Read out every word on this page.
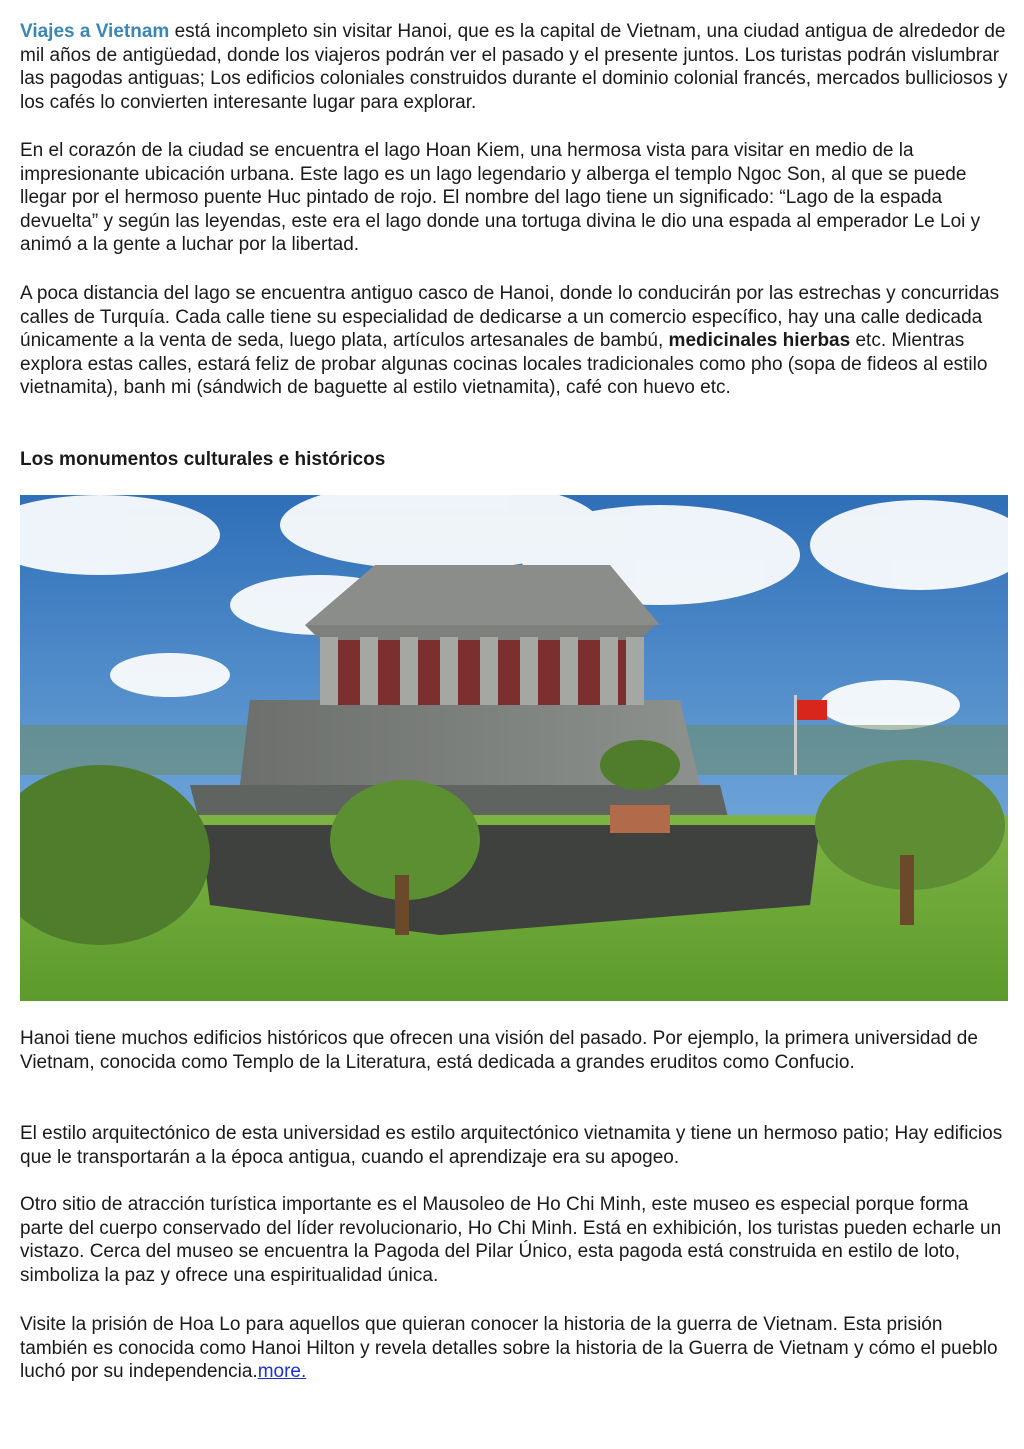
Viajes a Vietnam está incompleto sin visitar Hanoi, que es la capital de Vietnam, una ciudad antigua de alrededor de mil años de antigüedad, donde los viajeros podrán ver el pasado y el presente juntos. Los turistas podrán vislumbrar las pagodas antiguas; Los edificios coloniales construidos durante el dominio colonial francés, mercados bulliciosos y los cafés lo convierten interesante lugar para explorar.

En el corazón de la ciudad se encuentra el lago Hoan Kiem, una hermosa vista para visitar en medio de la impresionante ubicación urbana. Este lago es un lago legendario y alberga el templo Ngoc Son, al que se puede llegar por el hermoso puente Huc pintado de rojo. El nombre del lago tiene un significado: “Lago de la espada devuelta” y según las leyendas, este era el lago donde una tortuga divina le dio una espada al emperador Le Loi y animó a la gente a luchar por la libertad.

A poca distancia del lago se encuentra antiguo casco de Hanoi, donde lo conducirán por las estrechas y concurridas calles de Turquía. Cada calle tiene su especialidad de dedicarse a un comercio específico, hay una calle dedicada únicamente a la venta de seda, luego plata, artículos artesanales de bambú, medicinales hierbas etc. Mientras explora estas calles, estará feliz de probar algunas cocinas locales tradicionales como pho (sopa de fideos al estilo vietnamita), banh mi (sándwich de baguette al estilo vietnamita), café con huevo etc.

Los monumentos culturales e históricos

Hanoi tiene muchos edificios históricos que ofrecen una visión del pasado. Por ejemplo, la primera universidad de Vietnam, conocida como Templo de la Literatura, está dedicada a grandes eruditos como Confucio.

El estilo arquitectónico de esta universidad es estilo arquitectónico vietnamita y tiene un hermoso patio; Hay edificios que le transportarán a la época antigua, cuando el aprendizaje era su apogeo.

Otro sitio de atracción turística importante es el Mausoleo de Ho Chi Minh, este museo es especial porque forma parte del cuerpo conservado del líder revolucionario, Ho Chi Minh. Está en exhibición, los turistas pueden echarle un vistazo. Cerca del museo se encuentra la Pagoda del Pilar Único, esta pagoda está construida en estilo de loto, simboliza la paz y ofrece una espiritualidad única.

Visite la prisión de Hoa Lo para aquellos que quieran conocer la historia de la guerra de Vietnam. Esta prisión también es conocida como Hanoi Hilton y revela detalles sobre la historia de la Guerra de Vietnam y cómo el pueblo luchó por su independencia.more.
